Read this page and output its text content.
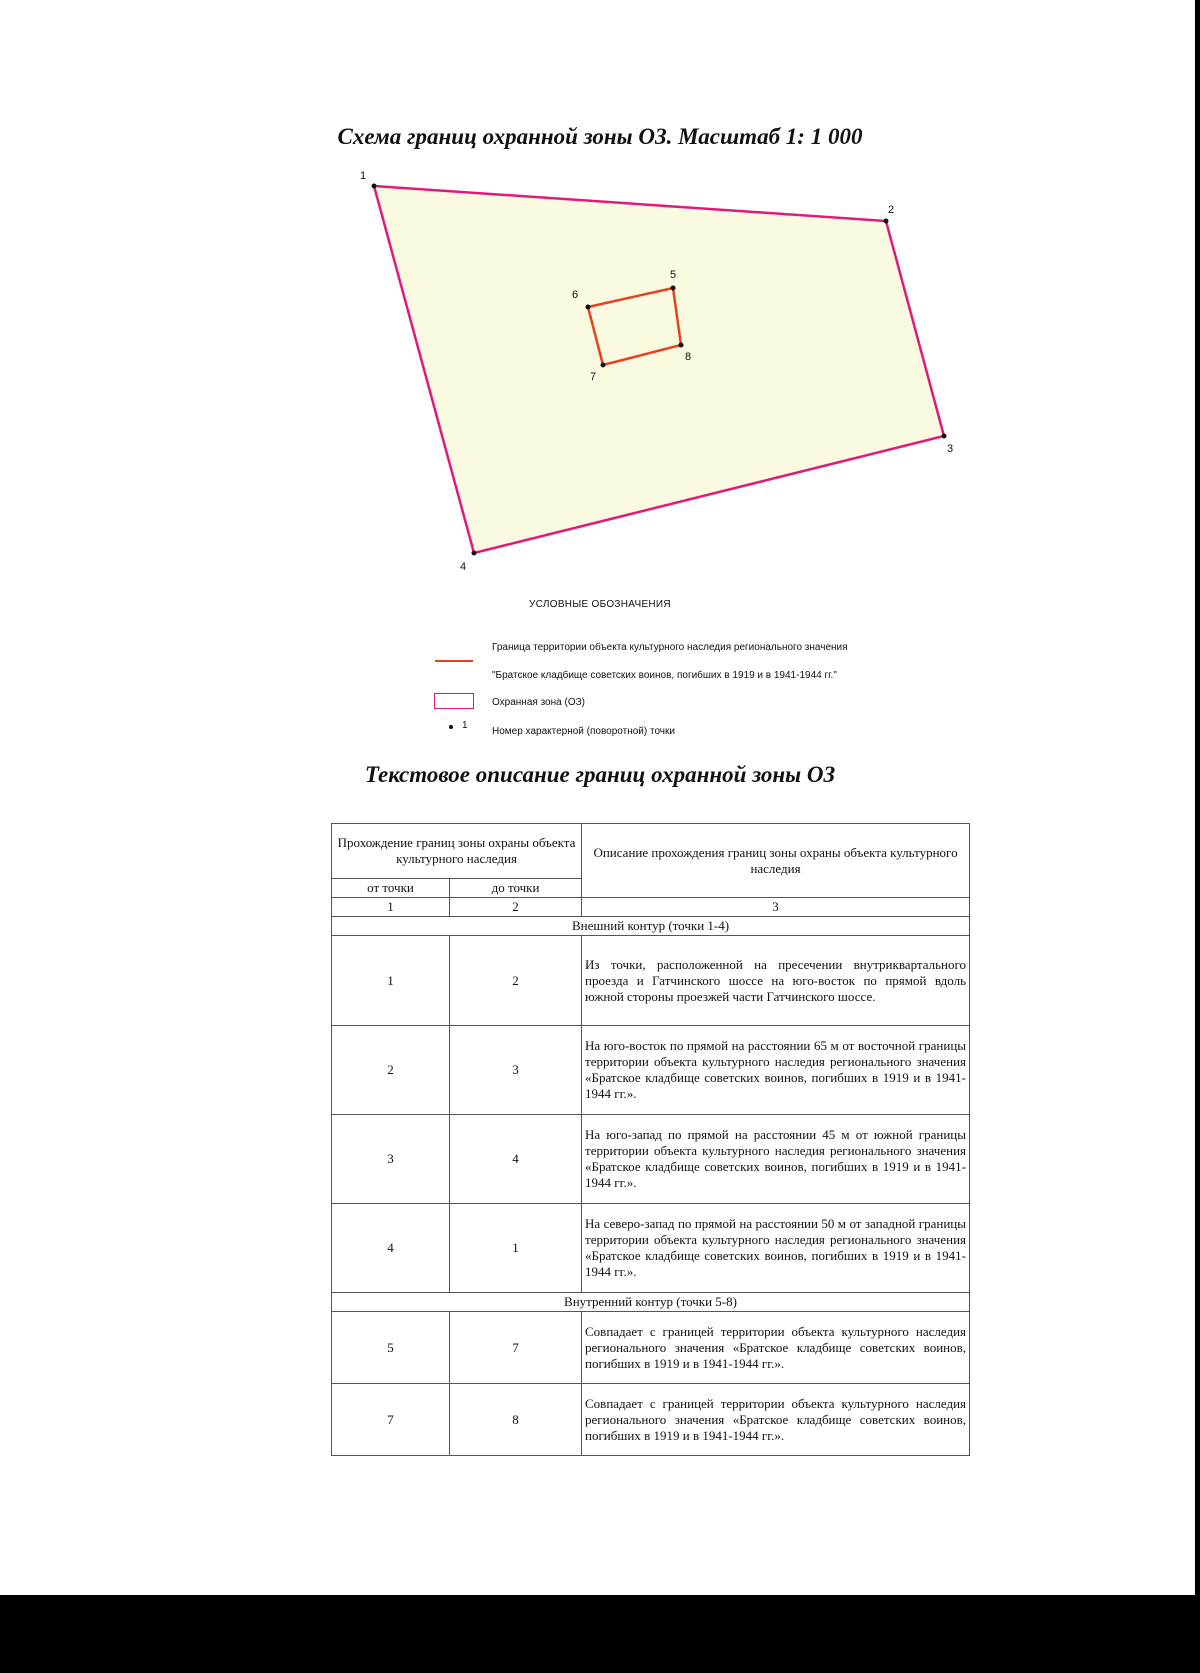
Схема границ охранной зоны ОЗ. Масштаб 1: 1 000
1
2
3
4
5
6
7
8
УСЛОВНЫЕ ОБОЗНАЧЕНИЯ
Граница территории объекта культурного наследия регионального значения
"Братское кладбище советских воинов, погибших в 1919 и в 1941-1944 гг."
Охранная зона (ОЗ)
1
Номер характерной (поворотной) точки
Текстовое описание границ охранной зоны ОЗ
Прохождение границ зоны охраны объекта культурного наследия		Описание прохождения границ зоны охраны объекта культурного наследия
от точки	до точки	
1	2	3
Внешний контур (точки 1-4)		
1	2	Из точки, расположенной на пресечении внутриквартального проезда и Гатчинского шоссе на юго-восток по прямой вдоль южной стороны проезжей части Гатчинского шоссе.
2	3	На юго-восток по прямой на расстоянии 65 м от восточной границы территории объекта культурного наследия регионального значения «Братское кладбище советских воинов, погибших в 1919 и в 1941-1944 гг.».
3	4	На юго-запад по прямой на расстоянии 45 м от южной границы территории объекта культурного наследия регионального значения «Братское кладбище советских воинов, погибших в 1919 и в 1941-1944 гг.».
4	1	На северо-запад по прямой на расстоянии 50 м от западной границы территории объекта культурного наследия регионального значения «Братское кладбище советских воинов, погибших в 1919 и в 1941-1944 гг.».
Внутренний контур (точки 5-8)		
5	7	Совпадает с границей территории объекта культурного наследия регионального значения «Братское кладбище советских воинов, погибших в 1919 и в 1941-1944 гг.».
7	8	Совпадает с границей территории объекта культурного наследия регионального значения «Братское кладбище советских воинов, погибших в 1919 и в 1941-1944 гг.».
